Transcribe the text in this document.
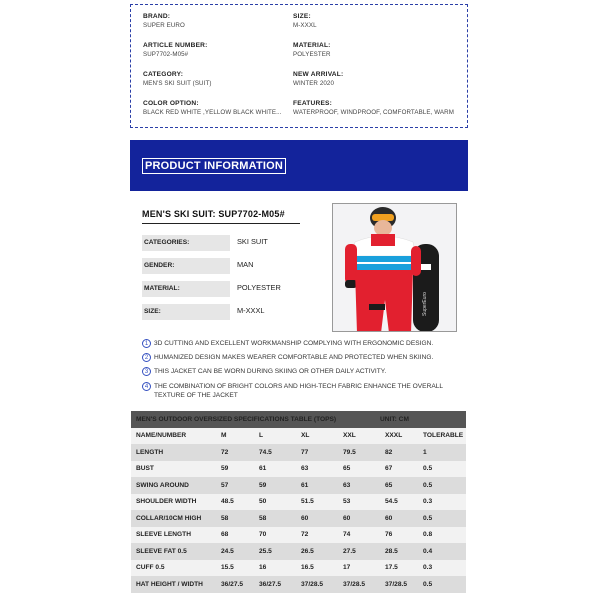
BRAND:
SUPER EURO
SIZE:
M-XXXL
ARTICLE NUMBER:
SUP7702-M05#
MATERIAL:
POLYESTER
CATEGORY:
MEN'S SKI SUIT (SUIT)
NEW ARRIVAL:
WINTER 2020
COLOR OPTION:
BLACK RED WHITE ,YELLOW BLACK WHITE...
FEATURES:
WATERPROOF, WINDPROOF, COMFORTABLE, WARM
PRODUCT INFORMATION
MEN'S SKI SUIT: SUP7702-M05#
CATEGORIES:	SKI SUIT
GENDER:	MAN
MATERIAL:	POLYESTER
SIZE:	M-XXXL	SuperEuro
1 3D CUTTING AND EXCELLENT WORKMANSHIP COMPLYING WITH ERGONOMIC DESIGN.
2 HUMANIZED DESIGN MAKES WEARER COMFORTABLE AND PROTECTED WHEN SKIING.
3 THIS JACKET CAN BE WORN DURING SKIING OR OTHER DAILY ACTIVITY.
4 THE COMBINATION OF BRIGHT COLORS AND HIGH-TECH FABRIC ENHANCE THE OVERALL TEXTURE OF THE JACKET
MEN'S OUTDOOR OVERSIZED SPECIFICATIONS TABLE (TOPS)					UNIT: CM	
NAME/NUMBER	M	L	XL	XXL	XXXL	TOLERABLE
LENGTH	72	74.5	77	79.5	82	1
BUST	59	61	63	65	67	0.5
SWING AROUND	57	59	61	63	65	0.5
SHOULDER WIDTH	48.5	50	51.5	53	54.5	0.3
COLLAR/10CM HIGH	58	58	60	60	60	0.5
SLEEVE LENGTH	68	70	72	74	76	0.8
SLEEVE FAT 0.5	24.5	25.5	26.5	27.5	28.5	0.4
CUFF 0.5	15.5	16	16.5	17	17.5	0.3
HAT HEIGHT / WIDTH	36/27.5	36/27.5	37/28.5	37/28.5	37/28.5	0.5
